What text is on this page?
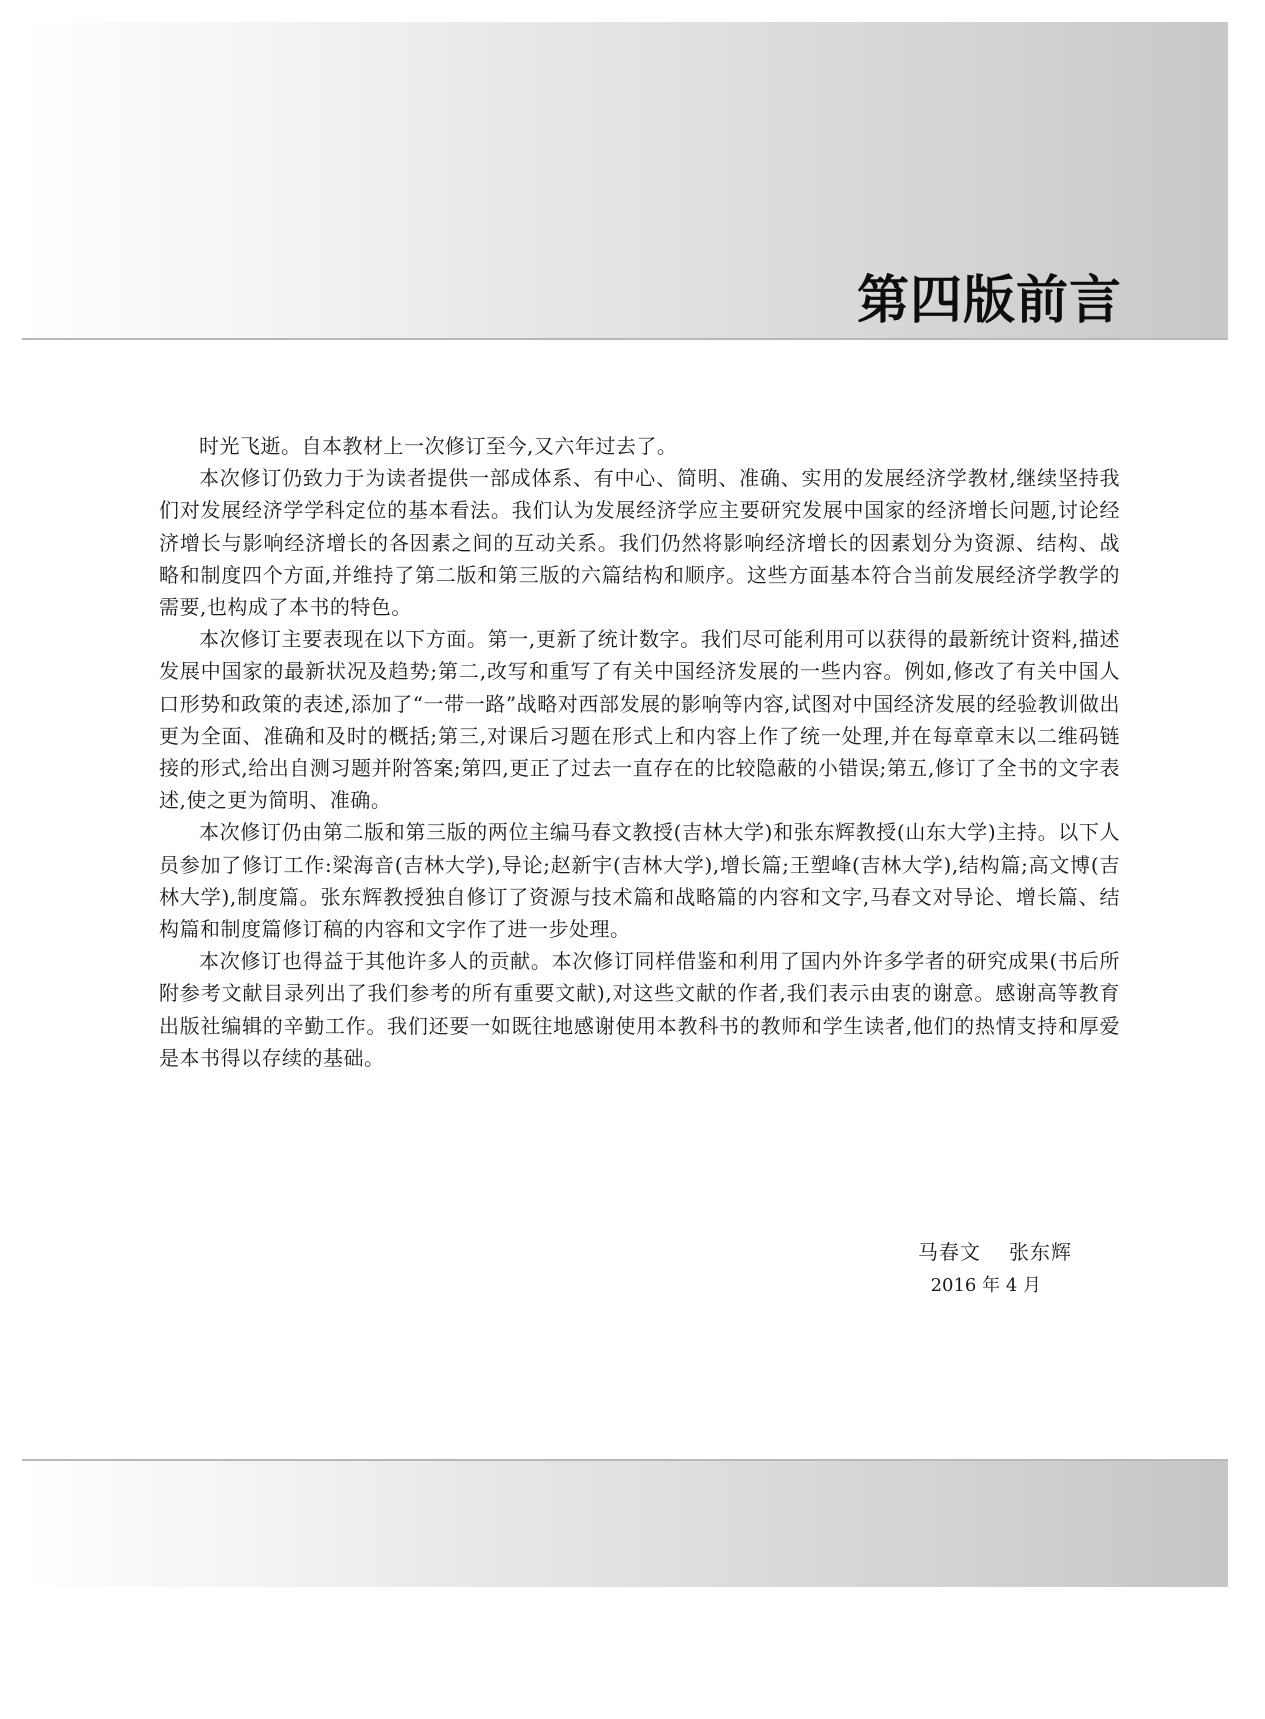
第四版前言

时光飞逝。自本教材上一次修订至今,又六年过去了。

本次修订仍致力于为读者提供一部成体系、有中心、简明、准确、实用的发展经济学教材,继续坚持我们对发展经济学学科定位的基本看法。我们认为发展经济学应主要研究发展中国家的经济增长问题,讨论经济增长与影响经济增长的各因素之间的互动关系。我们仍然将影响经济增长的因素划分为资源、结构、战略和制度四个方面,并维持了第二版和第三版的六篇结构和顺序。这些方面基本符合当前发展经济学教学的需要,也构成了本书的特色。

本次修订主要表现在以下方面。第一,更新了统计数字。我们尽可能利用可以获得的最新统计资料,描述发展中国家的最新状况及趋势;第二,改写和重写了有关中国经济发展的一些内容。例如,修改了有关中国人口形势和政策的表述,添加了“一带一路”战略对西部发展的影响等内容,试图对中国经济发展的经验教训做出更为全面、准确和及时的概括;第三,对课后习题在形式上和内容上作了统一处理,并在每章章末以二维码链接的形式,给出自测习题并附答案;第四,更正了过去一直存在的比较隐蔽的小错误;第五,修订了全书的文字表述,使之更为简明、准确。

本次修订仍由第二版和第三版的两位主编马春文教授(吉林大学)和张东辉教授(山东大学)主持。以下人员参加了修订工作:梁海音(吉林大学),导论;赵新宇(吉林大学),增长篇;王塑峰(吉林大学),结构篇;高文博(吉林大学),制度篇。张东辉教授独自修订了资源与技术篇和战略篇的内容和文字,马春文对导论、增长篇、结构篇和制度篇修订稿的内容和文字作了进一步处理。

本次修订也得益于其他许多人的贡献。本次修订同样借鉴和利用了国内外许多学者的研究成果(书后所附参考文献目录列出了我们参考的所有重要文献),对这些文献的作者,我们表示由衷的谢意。感谢高等教育出版社编辑的辛勤工作。我们还要一如既往地感谢使用本教科书的教师和学生读者,他们的热情支持和厚爱是本书得以存续的基础。

马春文 张东辉
2016 年 4 月
